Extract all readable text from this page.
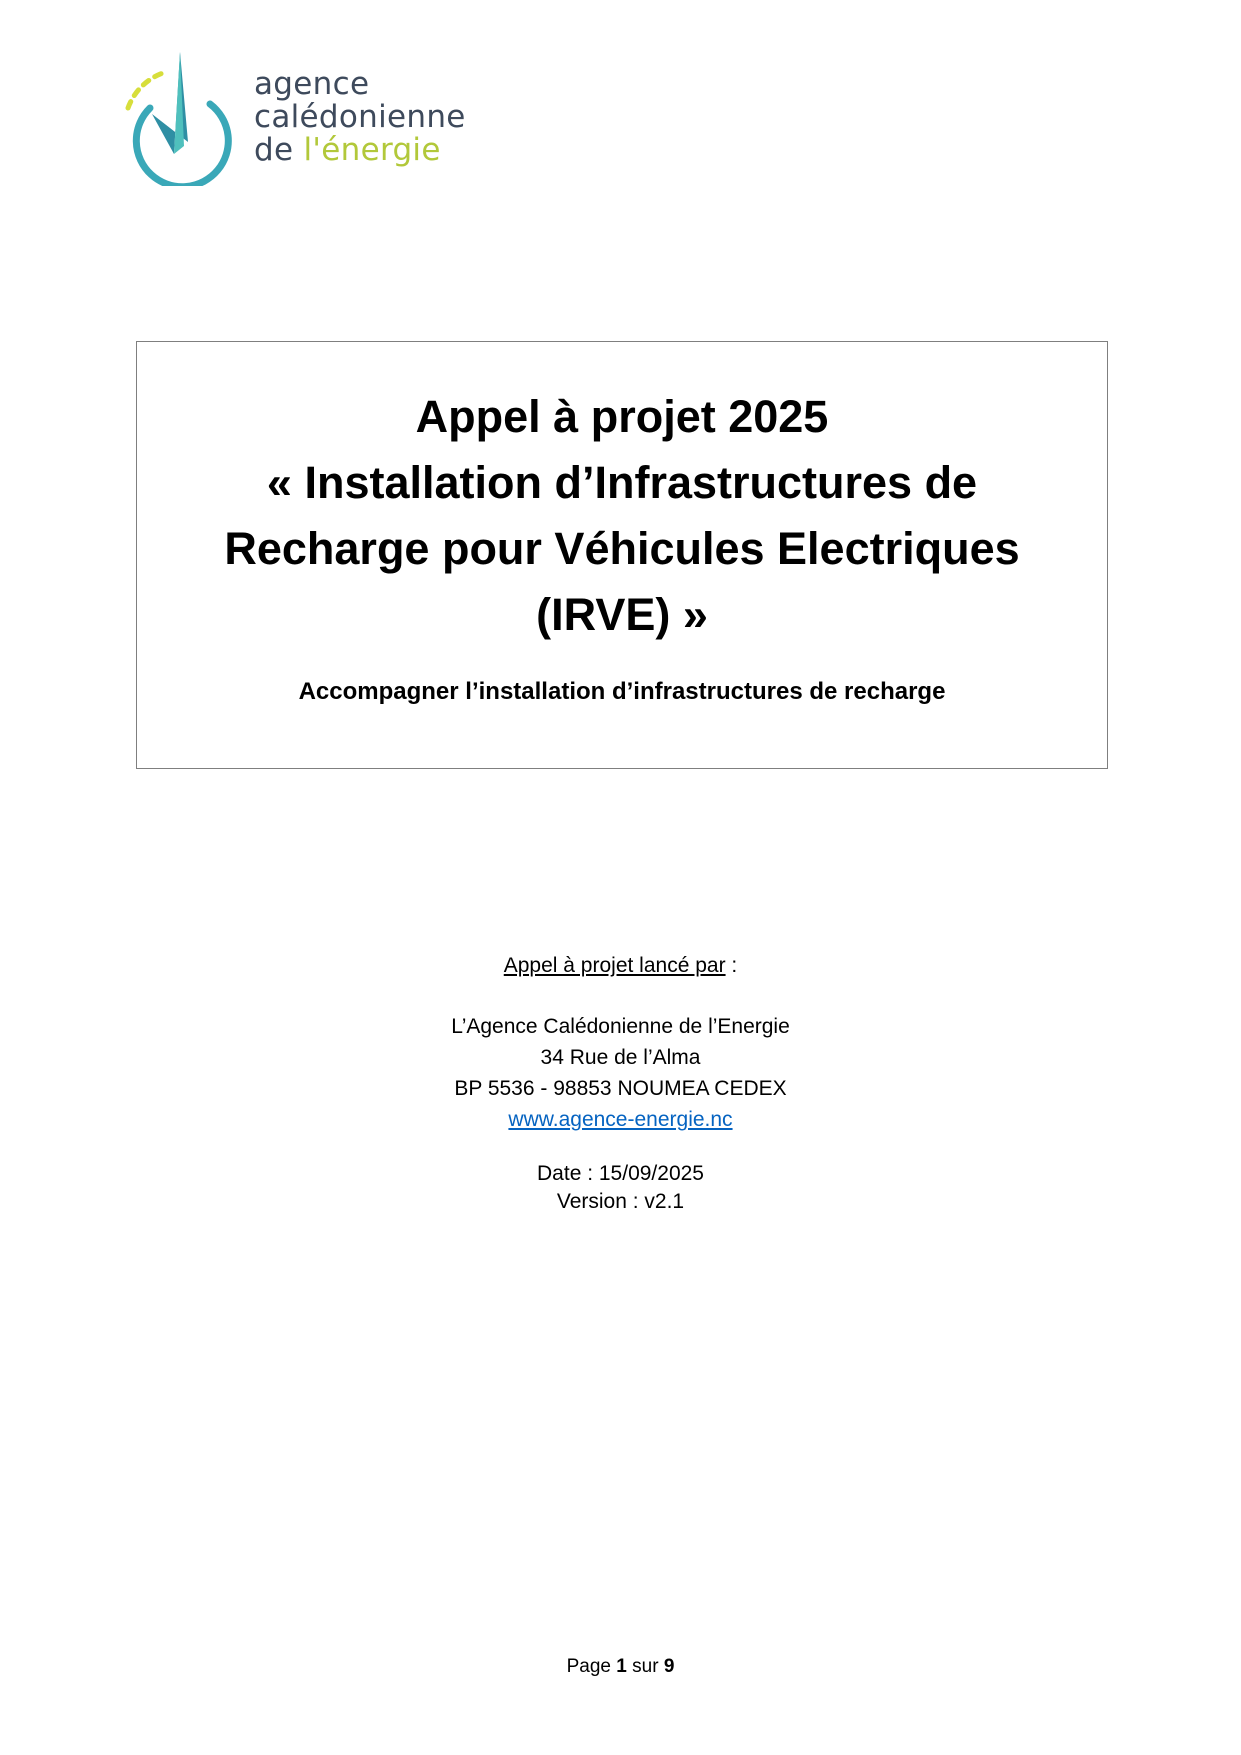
agence
calédonienne
de l'énergie
Appel à projet 2025
« Installation d’Infrastructures de
Recharge pour Véhicules Electriques
(IRVE) »
Accompagner l’installation d’infrastructures de recharge
Appel à projet lancé par :
L’Agence Calédonienne de l’Energie
34 Rue de l’Alma
BP 5536 - 98853 NOUMEA CEDEX
www.agence-energie.nc
Date : 15/09/2025
Version : v2.1
Page 1 sur 9
